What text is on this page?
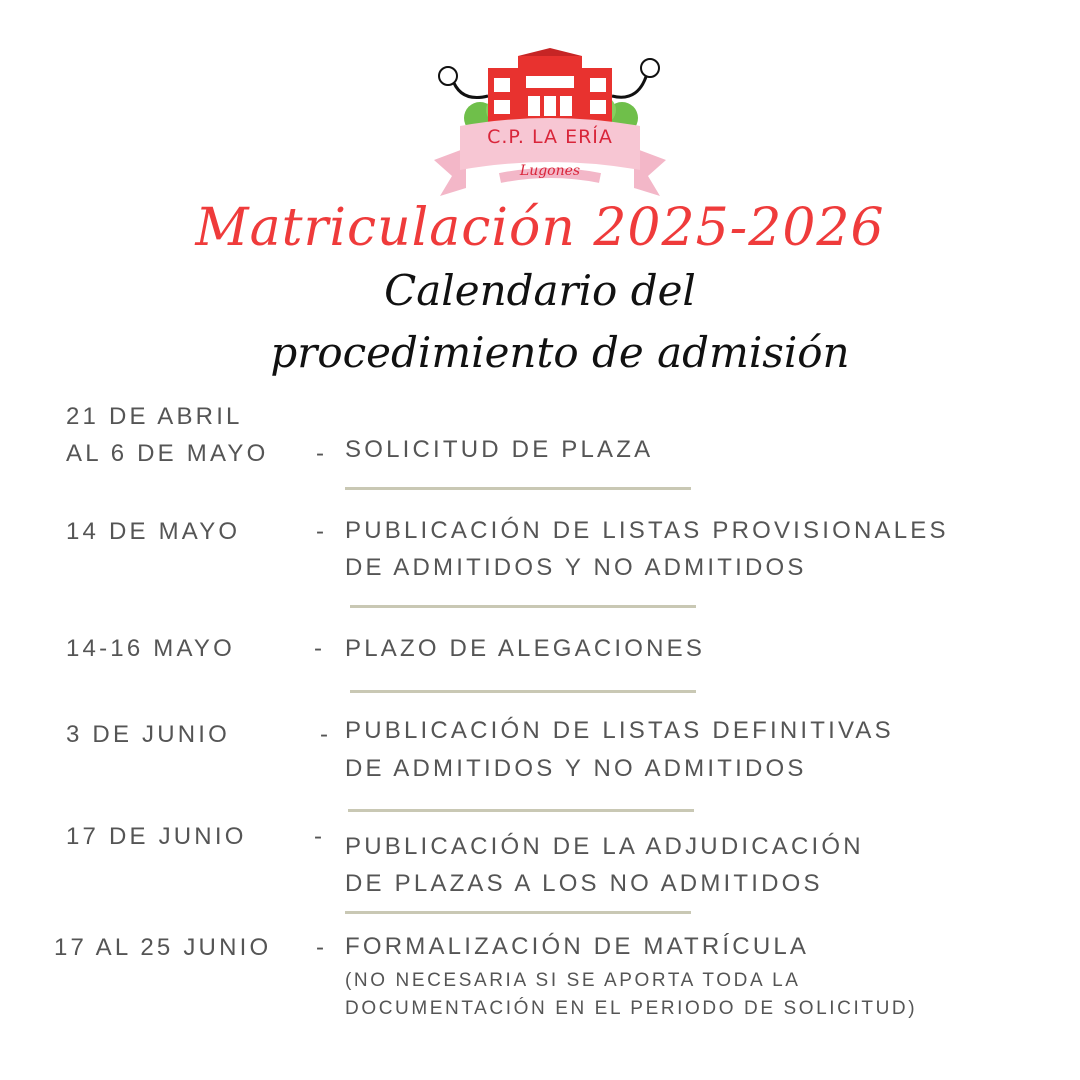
C.P. LA ERÍA
Lugones
Matriculación 2025-2026
Calendario del
procedimiento de admisión
21 DE ABRIL
AL 6 DE MAYO - SOLICITUD DE PLAZA
14 DE MAYO	- PUBLICACIÓN DE LISTAS PROVISIONALES
DE ADMITIDOS Y NO ADMITIDOS
14-16 MAYO	- PLAZO DE ALEGACIONES
3 DE JUNIO	- PUBLICACIÓN DE LISTAS DEFINITIVAS
DE ADMITIDOS Y NO ADMITIDOS
17 DE JUNIO	- PUBLICACIÓN DE LA ADJUDICACIÓN
DE PLAZAS A LOS NO ADMITIDOS
17 AL 25 JUNIO - FORMALIZACIÓN DE MATRÍCULA
(NO NECESARIA SI SE APORTA TODA LA
DOCUMENTACIÓN EN EL PERIODO DE SOLICITUD)
